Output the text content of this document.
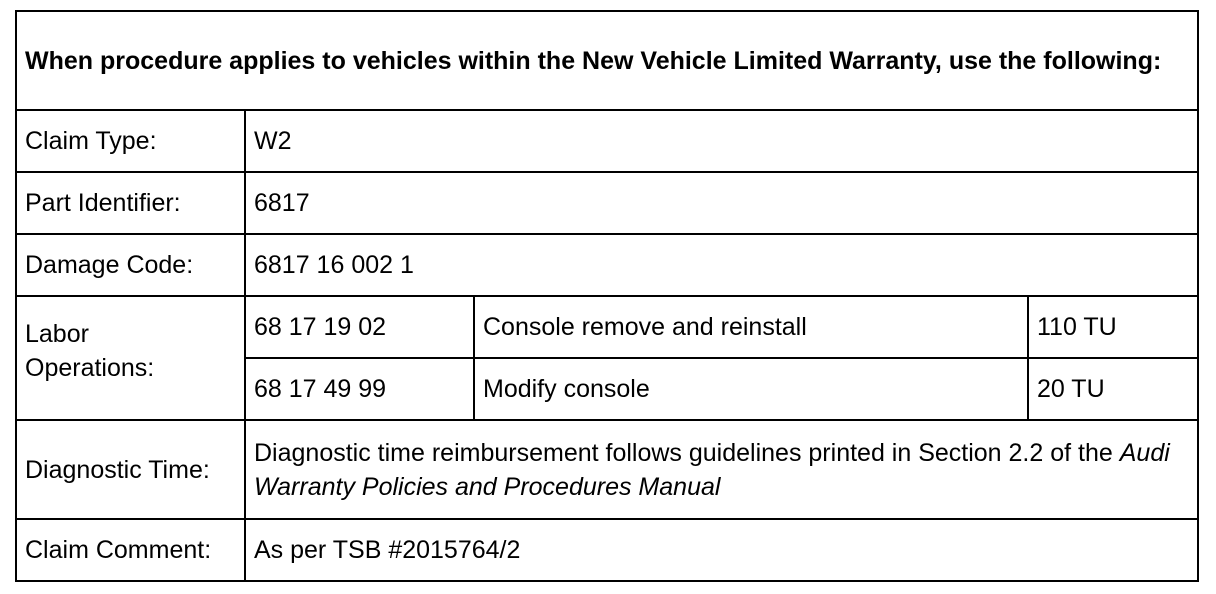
When procedure applies to vehicles within the New Vehicle Limited Warranty, use the following:			
Claim Type:	W2		
Part Identifier:	6817		
Damage Code:	6817 16 002 1		

Labor
Operations:	68 17 19 02	Console remove and reinstall	110 TU
	68 17 49 99	Modify console	20 TU
Diagnostic Time:	Diagnostic time reimbursement follows guidelines printed in Section 2.2 of the Audi Warranty Policies and Procedures Manual		
Claim Comment:	As per TSB #2015764/2		
